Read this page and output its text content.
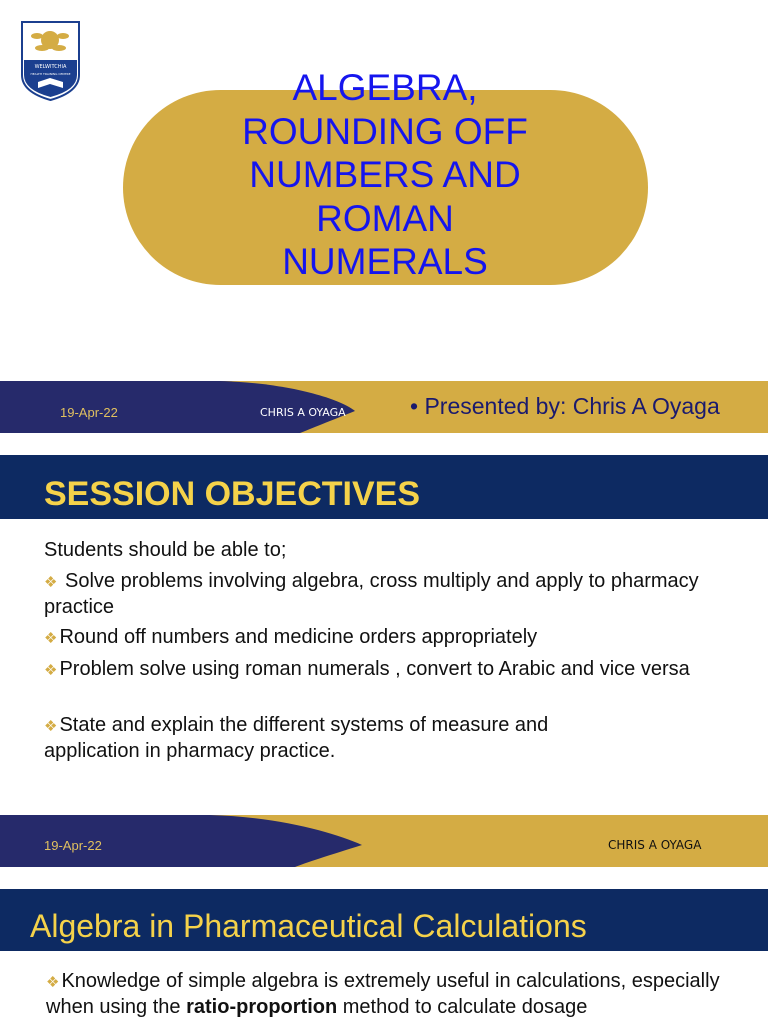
WELWITCHIA
HEALTH TRAINING CENTRE	ALGEBRA,
ROUNDING OFF
NUMBERS AND
ROMAN
NUMERALS
19-Apr-22	CHRIS A OYAGA	• Presented by: Chris A Oyaga
SESSION OBJECTIVES
Students should be able to;
❖ Solve problems involving algebra, cross multiply and apply to pharmacy practice
❖ Round off numbers and medicine orders appropriately
❖ Problem solve using roman numerals , convert to Arabic and vice versa
❖ State and explain the different systems of measure and application in pharmacy practice.
19-Apr-22	CHRIS A OYAGA
Algebra in Pharmaceutical Calculations
❖ Knowledge of simple algebra is extremely useful in calculations, especially when using the ratio-proportion method to calculate dosage
